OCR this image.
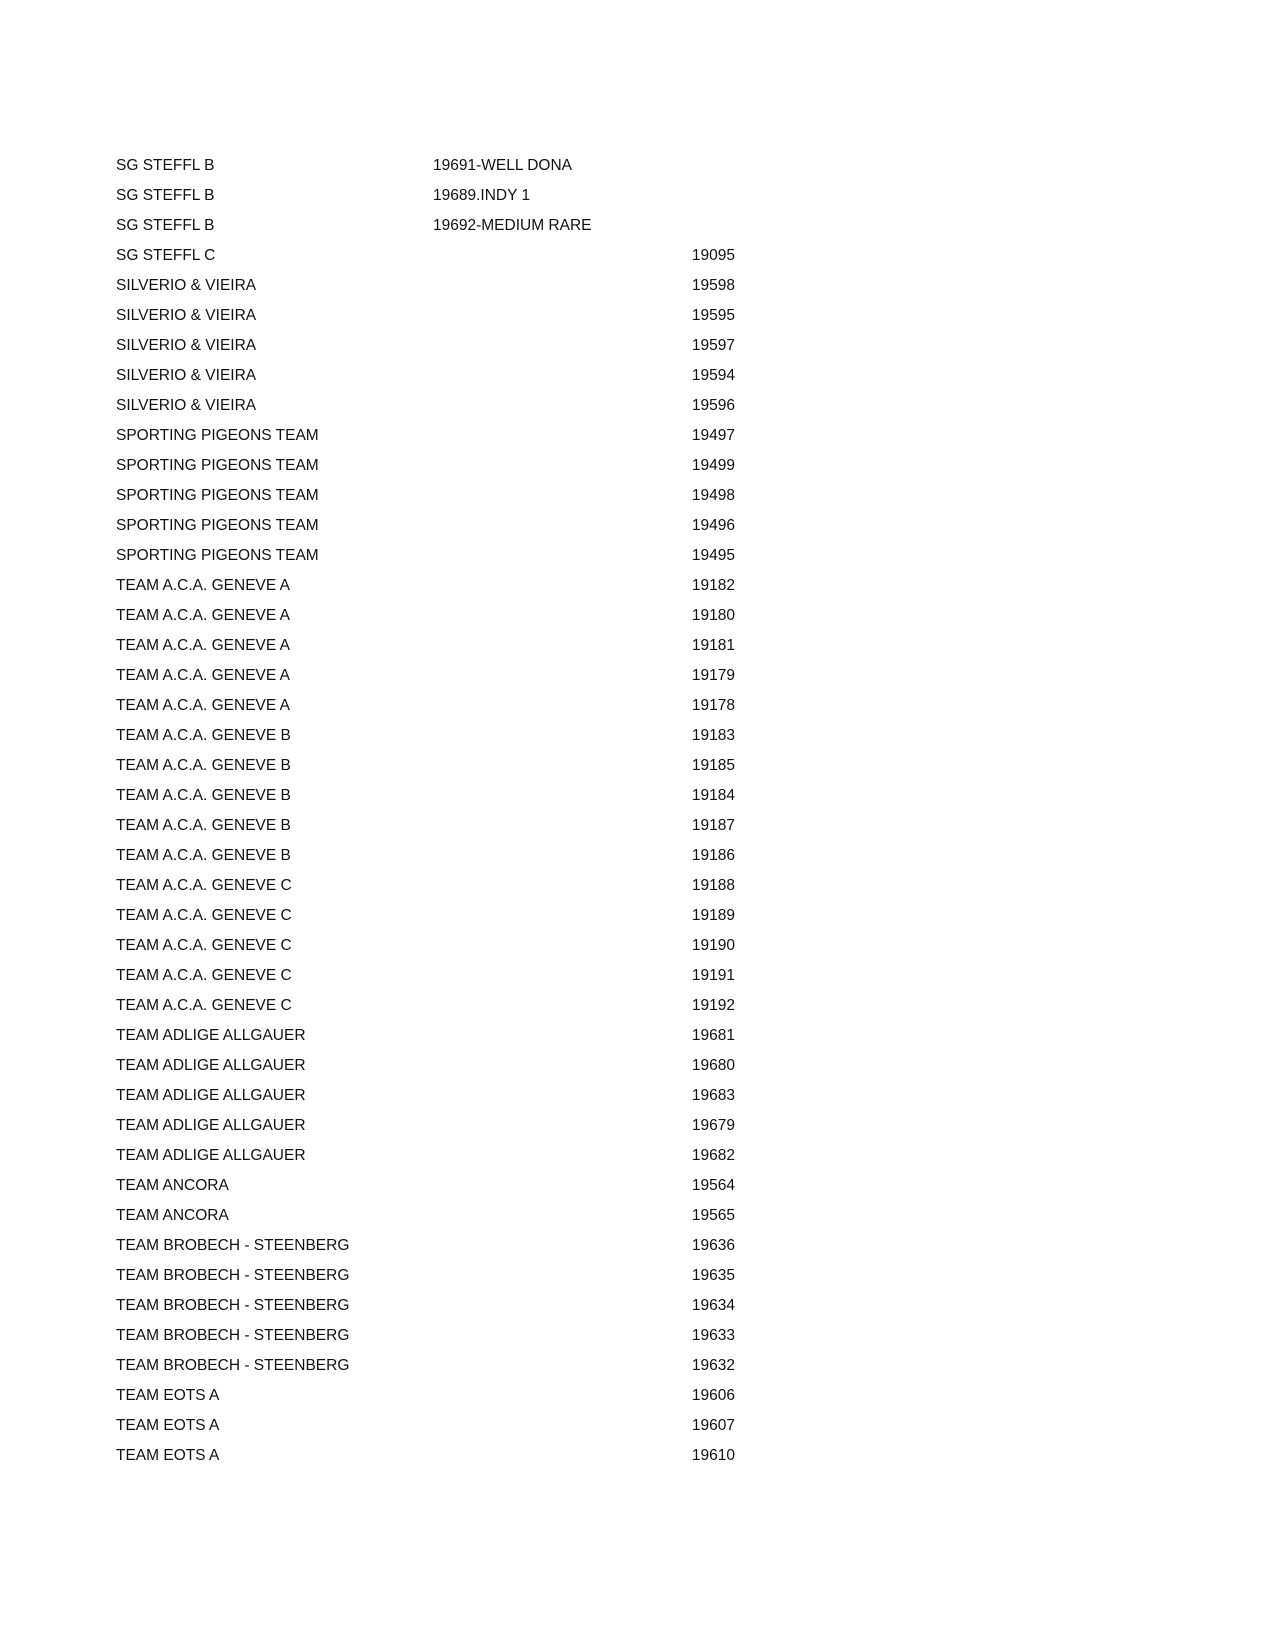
SG STEFFL B	19691-WELL DONA
SG STEFFL B	19689.INDY 1
SG STEFFL B	19692-MEDIUM RARE
SG STEFFL C	19095
SILVERIO & VIEIRA	19598
SILVERIO & VIEIRA	19595
SILVERIO & VIEIRA	19597
SILVERIO & VIEIRA	19594
SILVERIO & VIEIRA	19596
SPORTING PIGEONS TEAM	19497
SPORTING PIGEONS TEAM	19499
SPORTING PIGEONS TEAM	19498
SPORTING PIGEONS TEAM	19496
SPORTING PIGEONS TEAM	19495
TEAM A.C.A. GENEVE A	19182
TEAM A.C.A. GENEVE A	19180
TEAM A.C.A. GENEVE A	19181
TEAM A.C.A. GENEVE A	19179
TEAM A.C.A. GENEVE A	19178
TEAM A.C.A. GENEVE B	19183
TEAM A.C.A. GENEVE B	19185
TEAM A.C.A. GENEVE B	19184
TEAM A.C.A. GENEVE B	19187
TEAM A.C.A. GENEVE B	19186
TEAM A.C.A. GENEVE C	19188
TEAM A.C.A. GENEVE C	19189
TEAM A.C.A. GENEVE C	19190
TEAM A.C.A. GENEVE C	19191
TEAM A.C.A. GENEVE C	19192
TEAM ADLIGE ALLGAUER	19681
TEAM ADLIGE ALLGAUER	19680
TEAM ADLIGE ALLGAUER	19683
TEAM ADLIGE ALLGAUER	19679
TEAM ADLIGE ALLGAUER	19682
TEAM ANCORA	19564
TEAM ANCORA	19565
TEAM BROBECH - STEENBERG	19636
TEAM BROBECH - STEENBERG	19635
TEAM BROBECH - STEENBERG	19634
TEAM BROBECH - STEENBERG	19633
TEAM BROBECH - STEENBERG	19632
TEAM EOTS A	19606
TEAM EOTS A	19607
TEAM EOTS A	19610
